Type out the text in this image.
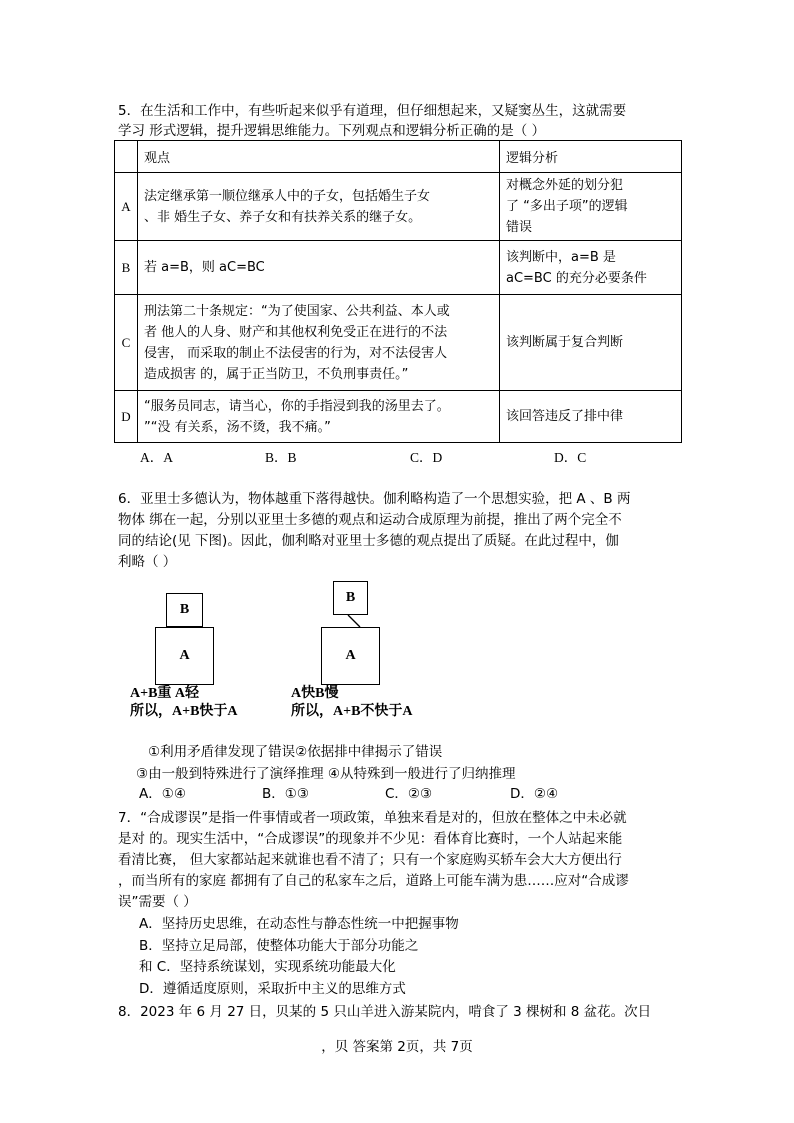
5．在生活和工作中，有些听起来似乎有道理，但仔细想起来，又疑窦丛生，这就需要
学习 形式逻辑，提升逻辑思维能力。下列观点和逻辑分析正确的是（ ）
	观点	逻辑分析
A	法定继承第一顺位继承人中的子女，包括婚生子女
、非 婚生子女、养子女和有扶养关系的继子女。	对概念外延的划分犯
了 “多出子项”的逻辑
错误

B	若 a=B，则 aC=BC	该判断中，a=B 是
aC=BC 的充分必要条件

C	刑法第二十条规定：“为了使国家、公共利益、本人或
者 他人的人身、财产和其他权利免受正在进行的不法
侵害， 而采取的制止不法侵害的行为，对不法侵害人
造成损害 的，属于正当防卫，不负刑事责任。”	该判断属于复合判断

D	“服务员同志，请当心，你的手指浸到我的汤里去了。
”“没 有关系，汤不烫，我不痛。”	该回答违反了排中律
A．A	B．B	C．D	D．C
6．亚里士多德认为，物体越重下落得越快。伽利略构造了一个思想实验，把 A 、B 两
物体 绑在一起，分别以亚里士多德的观点和运动合成原理为前提，推出了两个完全不
同的结论(见 下图)。因此，伽利略对亚里士多德的观点提出了质疑。在此过程中，伽
利略（ ）
B
A
A+B重 A轻
所以，A+B快于A
B
A
A快B慢
所以，A+B不快于A
①利用矛盾律发现了错误②依据排中律揭示了错误
③由一般到特殊进行了演绎推理 ④从特殊到一般进行了归纳推理
A．①④	B．①③	C．②③	D．②④
7．“合成谬误”是指一件事情或者一项政策，单独来看是对的，但放在整体之中未必就
是对 的。现实生活中，“合成谬误”的现象并不少见：看体育比赛时，一个人站起来能
看清比赛， 但大家都站起来就谁也看不清了；只有一个家庭购买轿车会大大方便出行
，而当所有的家庭 都拥有了自己的私家车之后，道路上可能车满为患……应对“合成谬
误”需要（ ）
A．坚持历史思维，在动态性与静态性统一中把握事物
B．坚持立足局部，使整体功能大于部分功能之
和 C．坚持系统谋划，实现系统功能最大化
D．遵循适度原则，采取折中主义的思维方式
8．2023 年 6 月 27 日，贝某的 5 只山羊进入游某院内，啃食了 3 棵树和 8 盆花。次日
，贝 答案第 2页，共 7页
